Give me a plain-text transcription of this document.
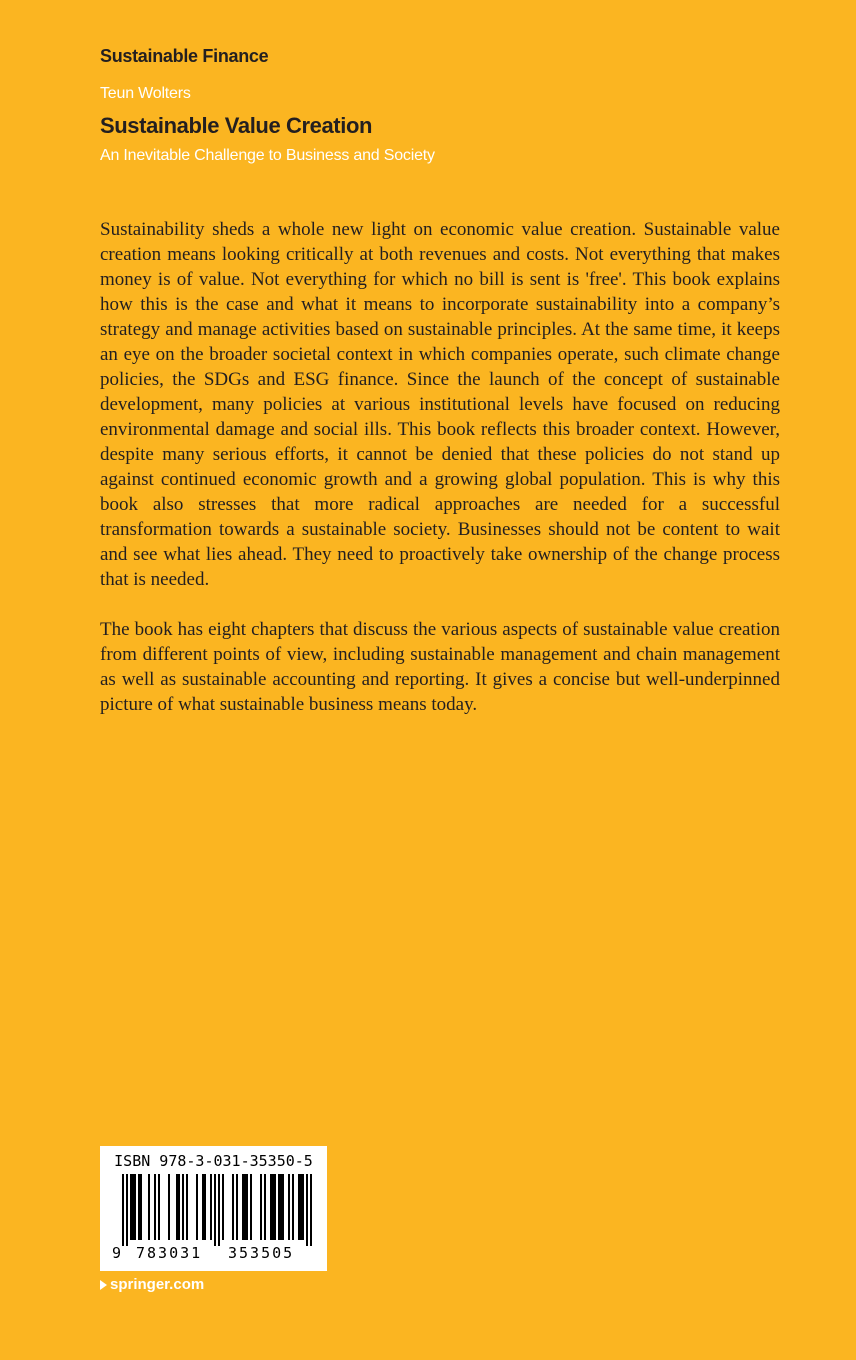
Sustainable Finance
Teun Wolters
Sustainable Value Creation
An Inevitable Challenge to Business and Society

Sustainability sheds a whole new light on economic value creation. Sustainable value creation means looking critically at both revenues and costs. Not everything that makes money is of value. Not everything for which no bill is sent is 'free'. This book explains how this is the case and what it means to incorporate sustainability into a company’s strategy and manage activities based on sustainable principles. At the same time, it keeps an eye on the broader societal context in which companies operate, such climate change policies, the SDGs and ESG finance. Since the launch of the concept of sustainable development, many policies at various institutional levels have focused on reducing environmental damage and social ills. This book reflects this broader context. However, despite many serious efforts, it cannot be denied that these policies do not stand up against continued economic growth and a growing global population. This is why this book also stresses that more radical approaches are needed for a successful transformation towards a sustainable society. Businesses should not be content to wait and see what lies ahead. They need to proactively take ownership of the change process that is needed.

The book has eight chapters that discuss the various aspects of sustainable value creation from different points of view, including sustainable management and chain management as well as sustainable accounting and reporting. It gives a concise but well-underpinned picture of what sustainable business means today.

ISBN 978-3-031-35350-5
9 783031 353505
springer.com
